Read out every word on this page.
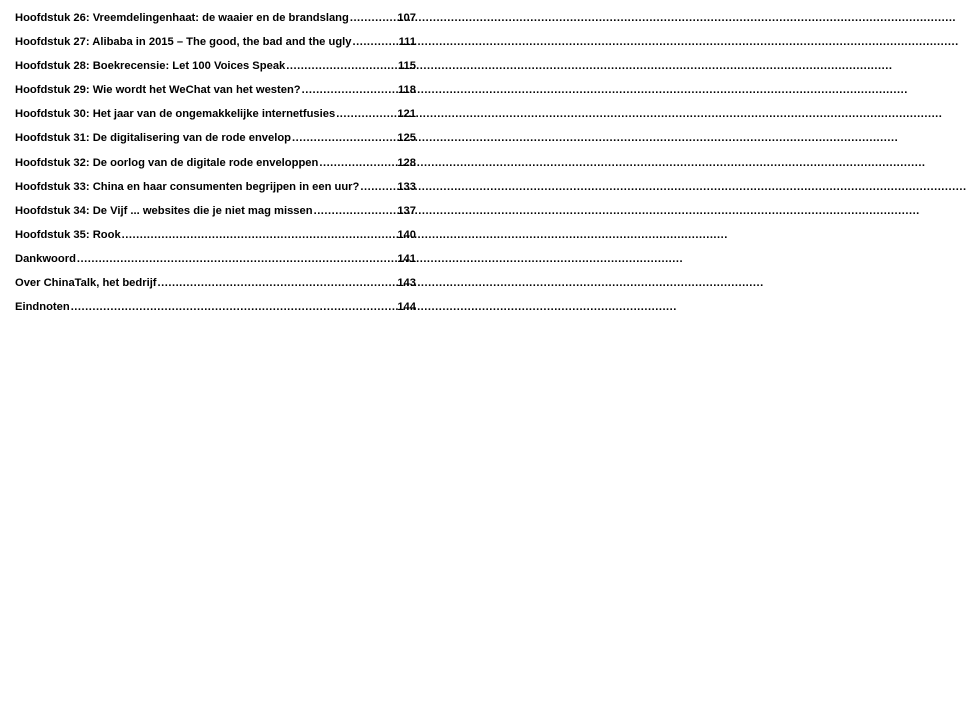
Hoofdstuk 26: Vreemdelingenhaat: de waaier en de brandslang .....	107
Hoofdstuk 27: Alibaba in 2015 – The good, the bad and the ugly .....	111
Hoofdstuk 28: Boekrecensie: Let 100 Voices Speak .....	115
Hoofdstuk 29: Wie wordt het WeChat van het westen? .....	118
Hoofdstuk 30: Het jaar van de ongemakkelijke internetfusies .....	121
Hoofdstuk 31: De digitalisering van de rode envelop .....	125
Hoofdstuk 32: De oorlog van de digitale rode enveloppen .....	128
Hoofdstuk 33: China en haar consumenten begrijpen in een uur? .....	133
Hoofdstuk 34: De Vijf ... websites die je niet mag missen .....	137
Hoofdstuk 35: Rook .....	140
Dankwoord .....	141
Over ChinaTalk, het bedrijf .....	143
Eindnoten .....	144
